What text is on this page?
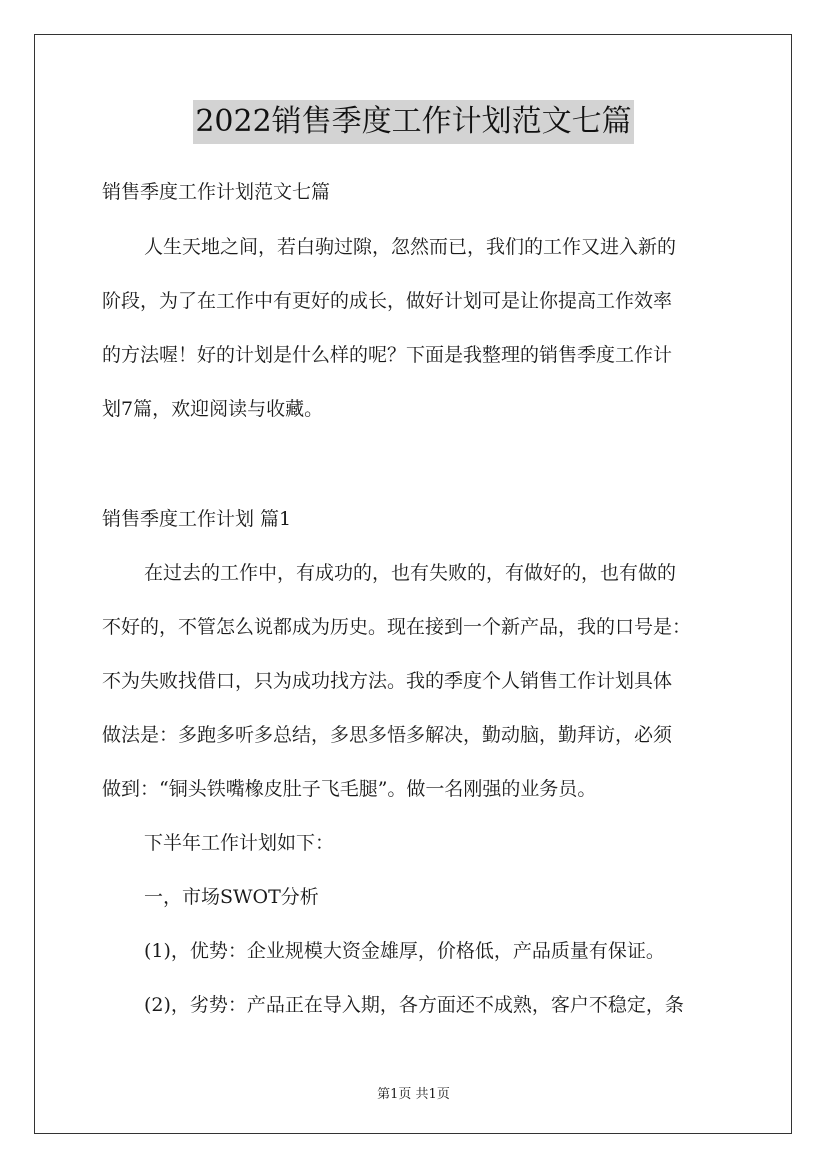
2022销售季度工作计划范文七篇
销售季度工作计划范文七篇
人生天地之间，若白驹过隙，忽然而已，我们的工作又进入新的
阶段，为了在工作中有更好的成长，做好计划可是让你提高工作效率
的方法喔！好的计划是什么样的呢？下面是我整理的销售季度工作计
划7篇，欢迎阅读与收藏。
销售季度工作计划 篇1
在过去的工作中，有成功的，也有失败的，有做好的，也有做的
不好的，不管怎么说都成为历史。现在接到一个新产品，我的口号是：
不为失败找借口，只为成功找方法。我的季度个人销售工作计划具体
做法是：多跑多听多总结，多思多悟多解决，勤动脑，勤拜访，必须
做到：“铜头铁嘴橡皮肚子飞毛腿”。做一名刚强的业务员。
下半年工作计划如下：
一，市场SWOT分析
(1)，优势：企业规模大资金雄厚，价格低，产品质量有保证。
(2)，劣势：产品正在导入期，各方面还不成熟，客户不稳定，条
第1页 共1页
